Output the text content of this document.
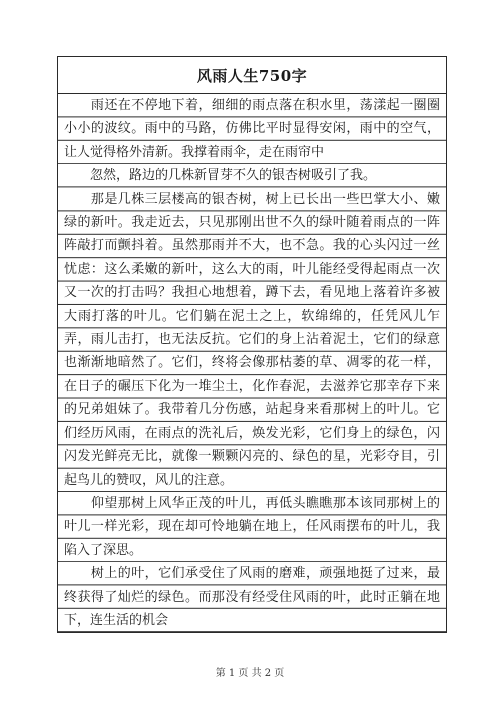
风雨人生750字
　　雨还在不停地下着，细细的雨点落在积水里，荡漾起一圈圈小小的波纹。雨中的马路，仿佛比平时显得安闲，雨中的空气，让人觉得格外清新。我撑着雨伞，走在雨帘中
　　忽然，路边的几株新冒芽不久的银杏树吸引了我。
　　那是几株三层楼高的银杏树，树上已长出一些巴掌大小、嫩绿的新叶。我走近去，只见那刚出世不久的绿叶随着雨点的一阵阵敲打而颤抖着。虽然那雨并不大，也不急。我的心头闪过一丝忧虑：这么柔嫩的新叶，这么大的雨，叶儿能经受得起雨点一次又一次的打击吗？我担心地想着，蹲下去，看见地上落着许多被大雨打落的叶儿。它们躺在泥土之上，软绵绵的，任凭风儿乍弄，雨儿击打，也无法反抗。它们的身上沾着泥土，它们的绿意也渐渐地暗然了。它们，终将会像那枯萎的草、凋零的花一样，在日子的碾压下化为一堆尘土，化作春泥，去滋养它那幸存下来的兄弟姐妹了。我带着几分伤感，站起身来看那树上的叶儿。它们经历风雨，在雨点的洗礼后，焕发光彩，它们身上的绿色，闪闪发光鲜亮无比，就像一颗颗闪亮的、绿色的星，光彩夺目，引起鸟儿的赞叹，风儿的注意。
　　仰望那树上风华正茂的叶儿，再低头瞧瞧那本该同那树上的叶儿一样光彩，现在却可怜地躺在地上，任风雨摆布的叶儿，我陷入了深思。
　　树上的叶，它们承受住了风雨的磨难，顽强地挺了过来，最终获得了灿烂的绿色。而那没有经受住风雨的叶，此时正躺在地下，连生活的机会
第 1 页 共 2 页
